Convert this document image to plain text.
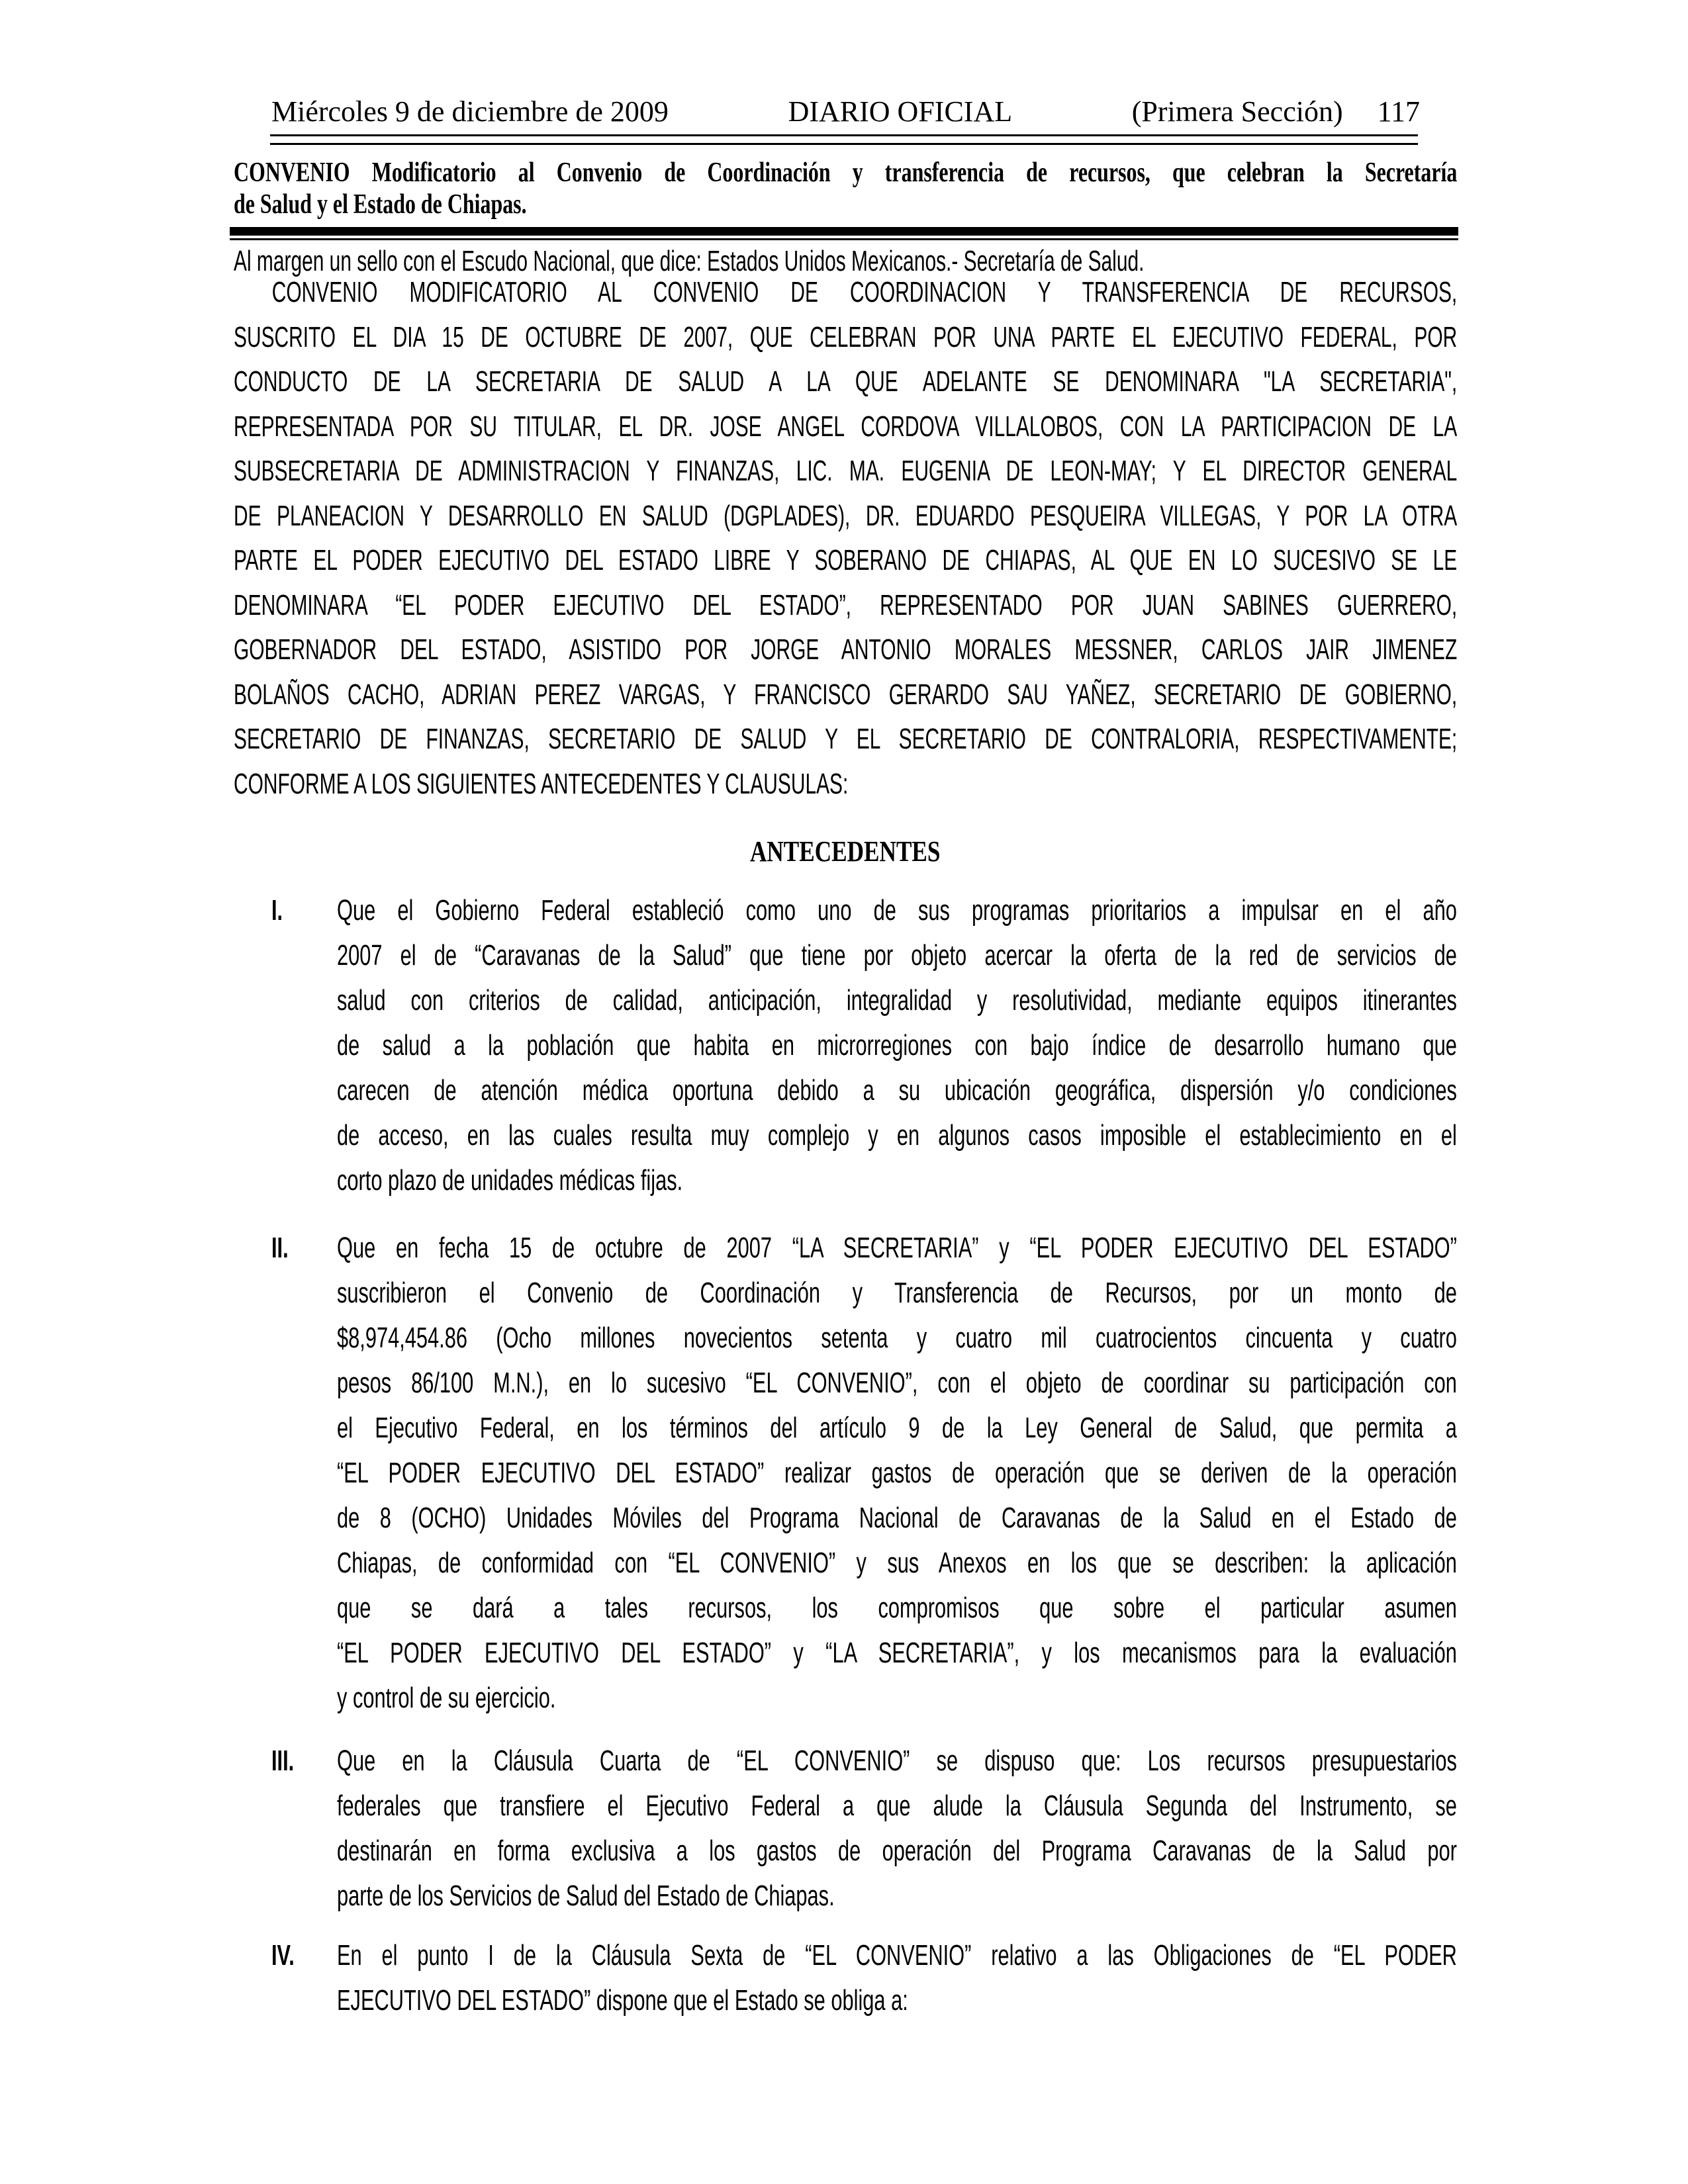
Miércoles 9 de diciembre de 2009	DIARIO OFICIAL	(Primera Sección) 117
CONVENIO Modificatorio al Convenio de Coordinación y transferencia de recursos, que celebran la Secretaría
de Salud y el Estado de Chiapas.
Al margen un sello con el Escudo Nacional, que dice: Estados Unidos Mexicanos.- Secretaría de Salud.
CONVENIO MODIFICATORIO AL CONVENIO DE COORDINACION Y TRANSFERENCIA DE RECURSOS,
SUSCRITO EL DIA 15 DE OCTUBRE DE 2007, QUE CELEBRAN POR UNA PARTE EL EJECUTIVO FEDERAL, POR
CONDUCTO DE LA SECRETARIA DE SALUD A LA QUE ADELANTE SE DENOMINARA "LA SECRETARIA",
REPRESENTADA POR SU TITULAR, EL DR. JOSE ANGEL CORDOVA VILLALOBOS, CON LA PARTICIPACION DE LA
SUBSECRETARIA DE ADMINISTRACION Y FINANZAS, LIC. MA. EUGENIA DE LEON-MAY; Y EL DIRECTOR GENERAL
DE PLANEACION Y DESARROLLO EN SALUD (DGPLADES), DR. EDUARDO PESQUEIRA VILLEGAS, Y POR LA OTRA
PARTE EL PODER EJECUTIVO DEL ESTADO LIBRE Y SOBERANO DE CHIAPAS, AL QUE EN LO SUCESIVO SE LE
DENOMINARA “EL PODER EJECUTIVO DEL ESTADO”, REPRESENTADO POR JUAN SABINES GUERRERO,
GOBERNADOR DEL ESTADO, ASISTIDO POR JORGE ANTONIO MORALES MESSNER, CARLOS JAIR JIMENEZ
BOLAÑOS CACHO, ADRIAN PEREZ VARGAS, Y FRANCISCO GERARDO SAU YAÑEZ, SECRETARIO DE GOBIERNO,
SECRETARIO DE FINANZAS, SECRETARIO DE SALUD Y EL SECRETARIO DE CONTRALORIA, RESPECTIVAMENTE;
CONFORME A LOS SIGUIENTES ANTECEDENTES Y CLAUSULAS:
ANTECEDENTES
I.	Que el Gobierno Federal estableció como uno de sus programas prioritarios a impulsar en el año
2007 el de “Caravanas de la Salud” que tiene por objeto acercar la oferta de la red de servicios de
salud con criterios de calidad, anticipación, integralidad y resolutividad, mediante equipos itinerantes
de salud a la población que habita en microrregiones con bajo índice de desarrollo humano que
carecen de atención médica oportuna debido a su ubicación geográfica, dispersión y/o condiciones
de acceso, en las cuales resulta muy complejo y en algunos casos imposible el establecimiento en el
corto plazo de unidades médicas fijas.
II.	Que en fecha 15 de octubre de 2007 “LA SECRETARIA” y “EL PODER EJECUTIVO DEL ESTADO”
suscribieron el Convenio de Coordinación y Transferencia de Recursos, por un monto de
$8,974,454.86 (Ocho millones novecientos setenta y cuatro mil cuatrocientos cincuenta y cuatro
pesos 86/100 M.N.), en lo sucesivo “EL CONVENIO”, con el objeto de coordinar su participación con
el Ejecutivo Federal, en los términos del artículo 9 de la Ley General de Salud, que permita a
“EL PODER EJECUTIVO DEL ESTADO” realizar gastos de operación que se deriven de la operación
de 8 (OCHO) Unidades Móviles del Programa Nacional de Caravanas de la Salud en el Estado de
Chiapas, de conformidad con “EL CONVENIO” y sus Anexos en los que se describen: la aplicación
que se dará a tales recursos, los compromisos que sobre el particular asumen
“EL PODER EJECUTIVO DEL ESTADO” y “LA SECRETARIA”, y los mecanismos para la evaluación
y control de su ejercicio.
III.	Que en la Cláusula Cuarta de “EL CONVENIO” se dispuso que: Los recursos presupuestarios
federales que transfiere el Ejecutivo Federal a que alude la Cláusula Segunda del Instrumento, se
destinarán en forma exclusiva a los gastos de operación del Programa Caravanas de la Salud por
parte de los Servicios de Salud del Estado de Chiapas.
IV.	En el punto I de la Cláusula Sexta de “EL CONVENIO” relativo a las Obligaciones de “EL PODER
EJECUTIVO DEL ESTADO” dispone que el Estado se obliga a:
